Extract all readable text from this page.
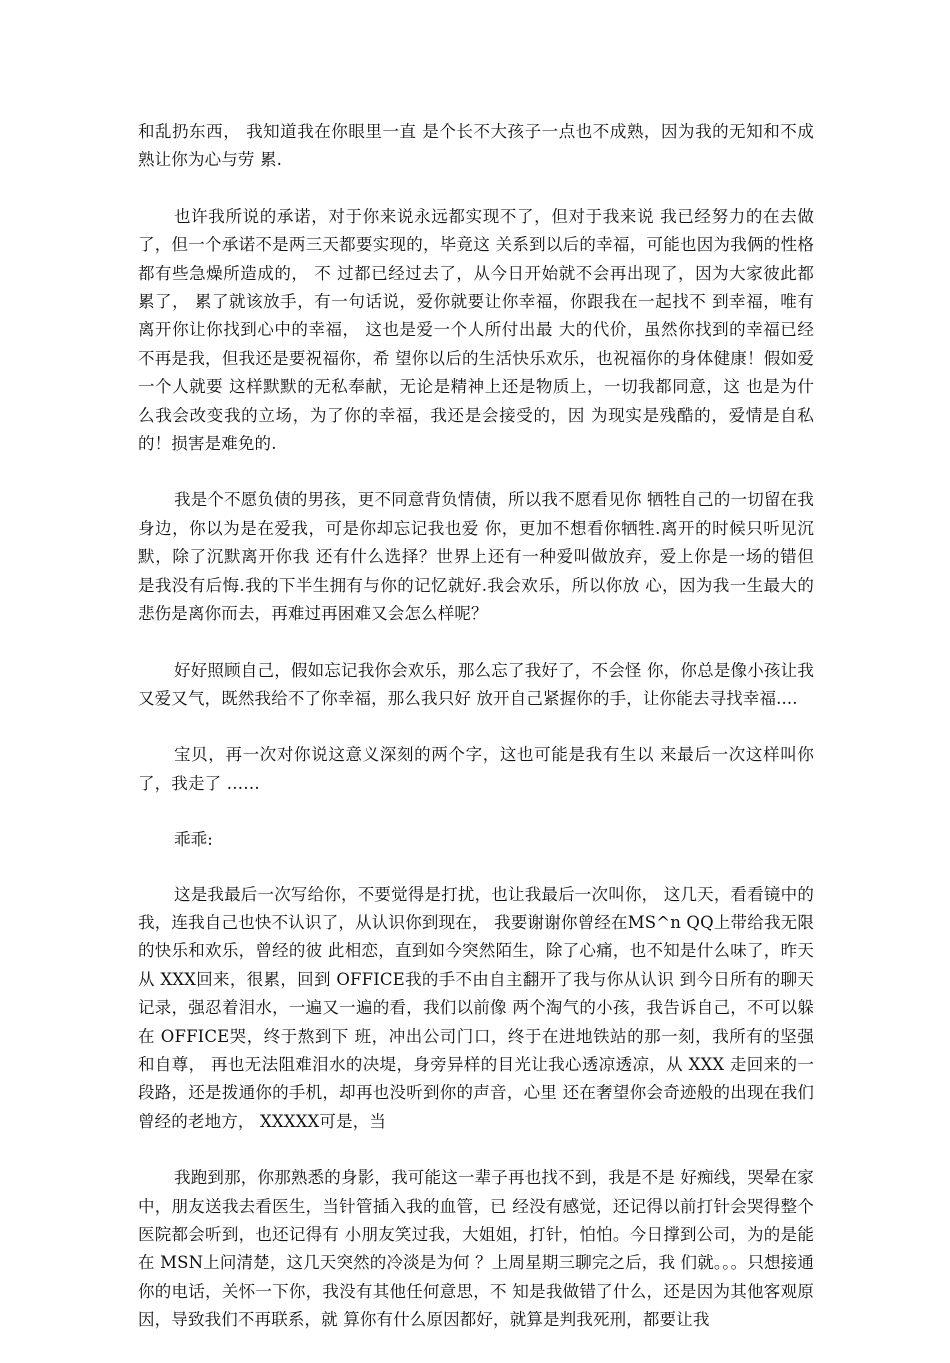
和乱扔东西， 我知道我在你眼里一直 是个长不大孩子一点也不成熟，因为我的无知和不成熟让你为心与劳 累.

也许我所说的承诺，对于你来说永远都实现不了，但对于我来说 我已经努力的在去做了，但一个承诺不是两三天都要实现的，毕竟这 关系到以后的幸福，可能也因为我俩的性格都有些急燥所造成的， 不 过都已经过去了，从今日开始就不会再出现了，因为大家彼此都累了， 累了就该放手，有一句话说，爱你就要让你幸福，你跟我在一起找不 到幸福，唯有离开你让你找到心中的幸福， 这也是爱一个人所付出最 大的代价，虽然你找到的幸福已经不再是我，但我还是要祝福你，希 望你以后的生活快乐欢乐，也祝福你的身体健康！假如爱一个人就要 这样默默的无私奉献，无论是精神上还是物质上，一切我都同意，这 也是为什么我会改变我的立场，为了你的幸福，我还是会接受的，因 为现实是残酷的，爱情是自私的！损害是难免的.

我是个不愿负债的男孩，更不同意背负情债，所以我不愿看见你 牺牲自己的一切留在我身边，你以为是在爱我，可是你却忘记我也爱 你，更加不想看你牺牲.离开的时候只听见沉默，除了沉默离开你我 还有什么选择？世界上还有一种爱叫做放弃，爱上你是一场的错但 是我没有后悔.我的下半生拥有与你的记忆就好.我会欢乐，所以你放 心，因为我一生最大的悲伤是离你而去，再难过再困难又会怎么样呢？

好好照顾自己，假如忘记我你会欢乐，那么忘了我好了，不会怪 你，你总是像小孩让我又爱又气，既然我给不了你幸福，那么我只好 放开自己紧握你的手，让你能去寻找幸福....

宝贝，再一次对你说这意义深刻的两个字，这也可能是我有生以 来最后一次这样叫你了，我走了 ……

乖乖:

这是我最后一次写给你，不要觉得是打扰，也让我最后一次叫你， 这几天，看看镜中的我，连我自己也快不认识了，从认识你到现在， 我要谢谢你曾经在MS^n QQ上带给我无限的快乐和欢乐，曾经的彼 此相恋，直到如今突然陌生，除了心痛，也不知是什么味了，昨天从 XXX回来，很累，回到 OFFICE我的手不由自主翻开了我与你从认识 到今日所有的聊天记录，强忍着泪水，一遍又一遍的看，我们以前像 两个淘气的小孩，我告诉自己，不可以躲在 OFFICE哭，终于熬到下 班，冲出公司门口，终于在进地铁站的那一刻，我所有的坚强和自尊， 再也无法阻难泪水的决堤，身旁异样的目光让我心透凉透凉，从 XXX 走回来的一段路，还是拨通你的手机，却再也没听到你的声音，心里 还在奢望你会奇迹般的出现在我们曾经的老地方， XXXXX可是，当

我跑到那，你那熟悉的身影，我可能这一辈子再也找不到，我是不是 好痴线，哭晕在家中，朋友送我去看医生，当针管插入我的血管，已 经没有感觉，还记得以前打针会哭得整个医院都会听到，也还记得有 小朋友笑过我，大姐姐，打针，怕怕。今日撑到公司，为的是能在 MSN上问清楚，这几天突然的冷淡是为何 ？上周星期三聊完之后，我 们就。。。只想接通你的电话，关怀一下你，我没有其他任何意思，不 知是我做错了什么，还是因为其他客观原因，导致我们不再联系，就 算你有什么原因都好，就算是判我死刑，都要让我
